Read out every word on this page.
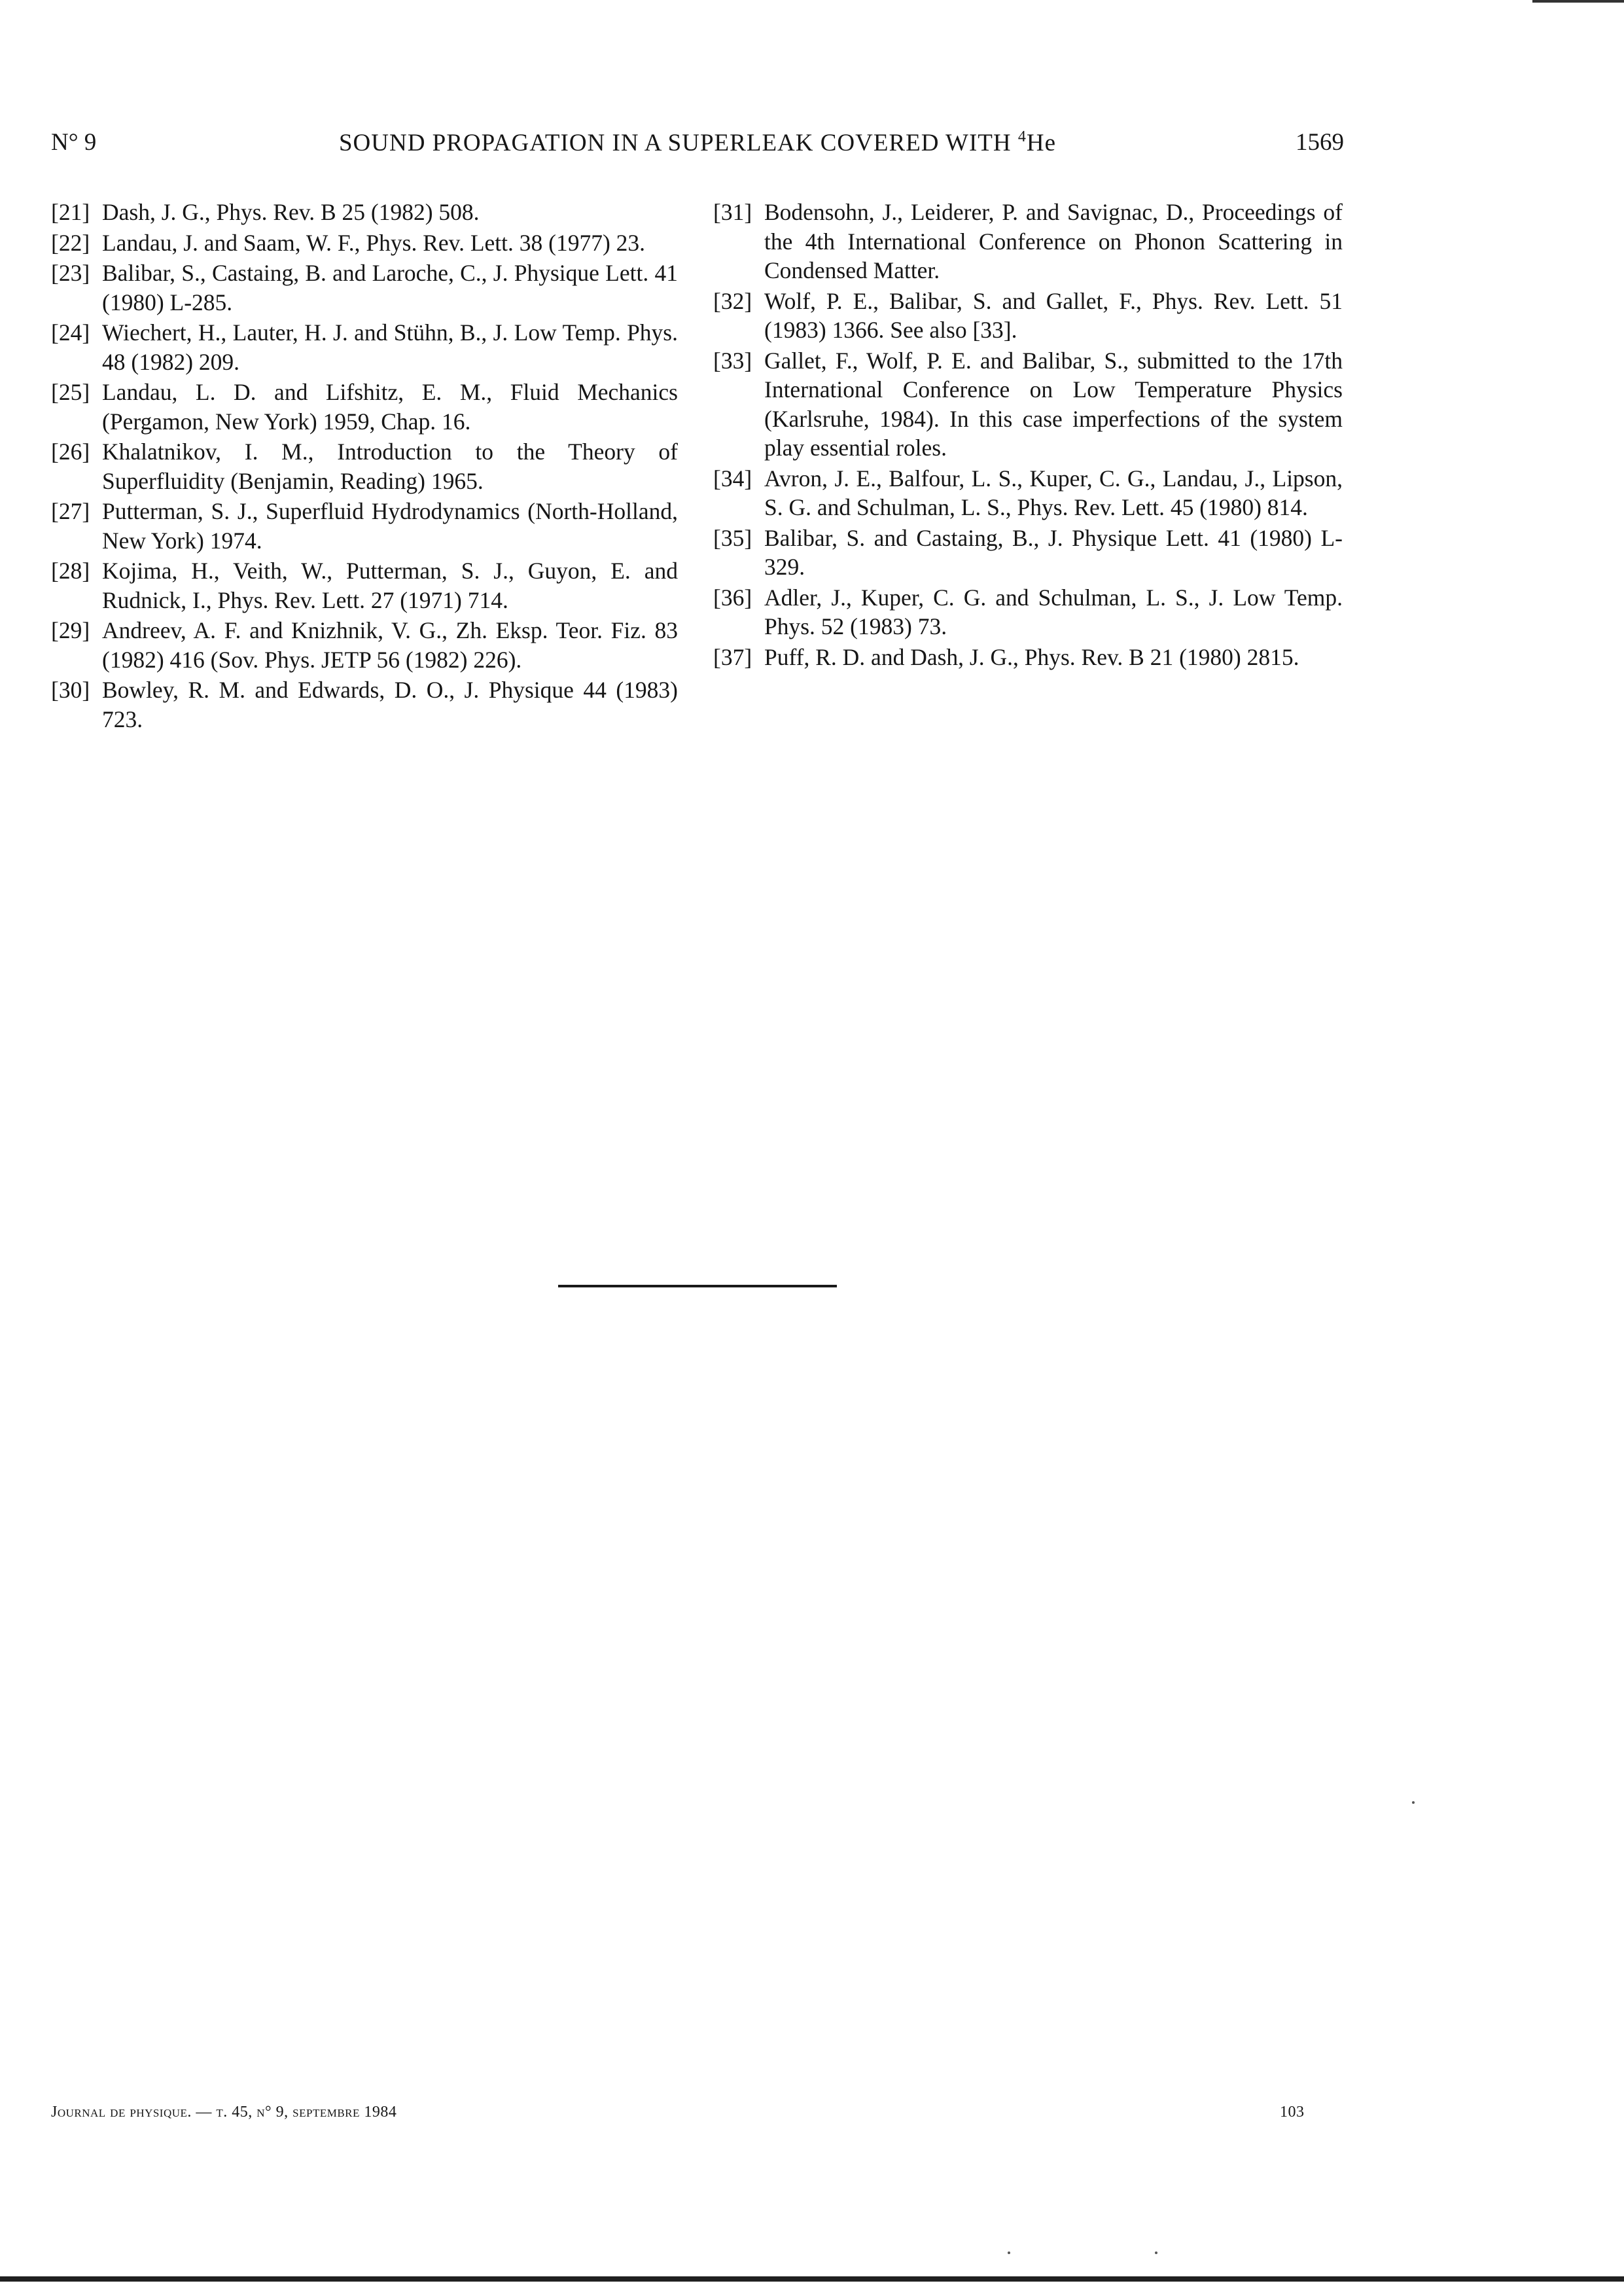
N° 9	SOUND PROPAGATION IN A SUPERLEAK COVERED WITH $^4$He	1569
[21] Dash, J. G., Phys. Rev. B 25 (1982) 508.
[22] Landau, J. and Saam, W. F., Phys. Rev. Lett. 38 (1977) 23.
[23] Balibar, S., Castaing, B. and Laroche, C., J. Physique Lett. 41 (1980) L-285.
[24] Wiechert, H., Lauter, H. J. and Stühn, B., J. Low Temp. Phys. 48 (1982) 209.
[25] Landau, L. D. and Lifshitz, E. M., Fluid Mechanics (Pergamon, New York) 1959, Chap. 16.
[26] Khalatnikov, I. M., Introduction to the Theory of Superfluidity (Benjamin, Reading) 1965.
[27] Putterman, S. J., Superfluid Hydrodynamics (North-Holland, New York) 1974.
[28] Kojima, H., Veith, W., Putterman, S. J., Guyon, E. and Rudnick, I., Phys. Rev. Lett. 27 (1971) 714.
[29] Andreev, A. F. and Knizhnik, V. G., Zh. Eksp. Teor. Fiz. 83 (1982) 416 (Sov. Phys. JETP 56 (1982) 226).
[30] Bowley, R. M. and Edwards, D. O., J. Physique 44 (1983) 723.
[31] Bodensohn, J., Leiderer, P. and Savignac, D., Proceedings of the 4th International Conference on Phonon Scattering in Condensed Matter.
[32] Wolf, P. E., Balibar, S. and Gallet, F., Phys. Rev. Lett. 51 (1983) 1366. See also [33].
[33] Gallet, F., Wolf, P. E. and Balibar, S., submitted to the 17th International Conference on Low Temperature Physics (Karlsruhe, 1984). In this case imperfections of the system play essential roles.
[34] Avron, J. E., Balfour, L. S., Kuper, C. G., Landau, J., Lipson, S. G. and Schulman, L. S., Phys. Rev. Lett. 45 (1980) 814.
[35] Balibar, S. and Castaing, B., J. Physique Lett. 41 (1980) L-329.
[36] Adler, J., Kuper, C. G. and Schulman, L. S., J. Low Temp. Phys. 52 (1983) 73.
[37] Puff, R. D. and Dash, J. G., Phys. Rev. B 21 (1980) 2815.
Journal de physique. — t. 45, n° 9, septembre 1984	103
